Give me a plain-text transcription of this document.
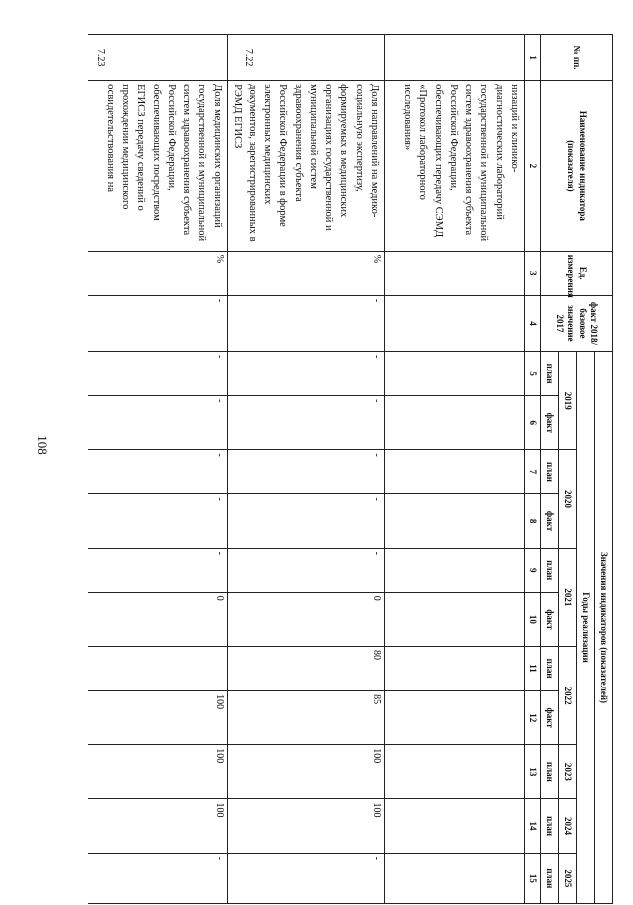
108
№ пп.	Наименование индикатора (показателя)	Ед. измерения	факт 2018/базовое значение 2017	Значения индикаторов (показателей)										
				Годы реализации										
				2019		2020		2021		2022		2023	2024	2025
				план	факт	план	факт	план	факт	план	факт	план	план	план
1	2	3	4	5	6	7	8	9	10	11	12	13	14	15
	низаций и клинико-диагностических лабораторий государственной и муниципальной систем здравоохранения субъекта Российской Федерации, обеспечивающих передачу СЭМД «Протокол лабораторного исследования»													
7.22	Доля направлений на медико-социальную экспертизу, формируемых в медицинских организациях государственной и муниципальной систем здравоохранения субъекта Российской Федерации в форме электронных медицинских документов, зарегистрированных в РЭМД ЕГИСЗ	%	-	-	-	-	-	-	0	80	85	100	100	-
7.23	Доля медицинских организаций государственной и муниципальной систем здравоохранения субъекта Российской Федерации, обеспечивающих посредством ЕГИСЗ передачу сведений о прохождении медицинского освидетельствования на	%	-	-	-	-	-	-	0		100	100	100	-
